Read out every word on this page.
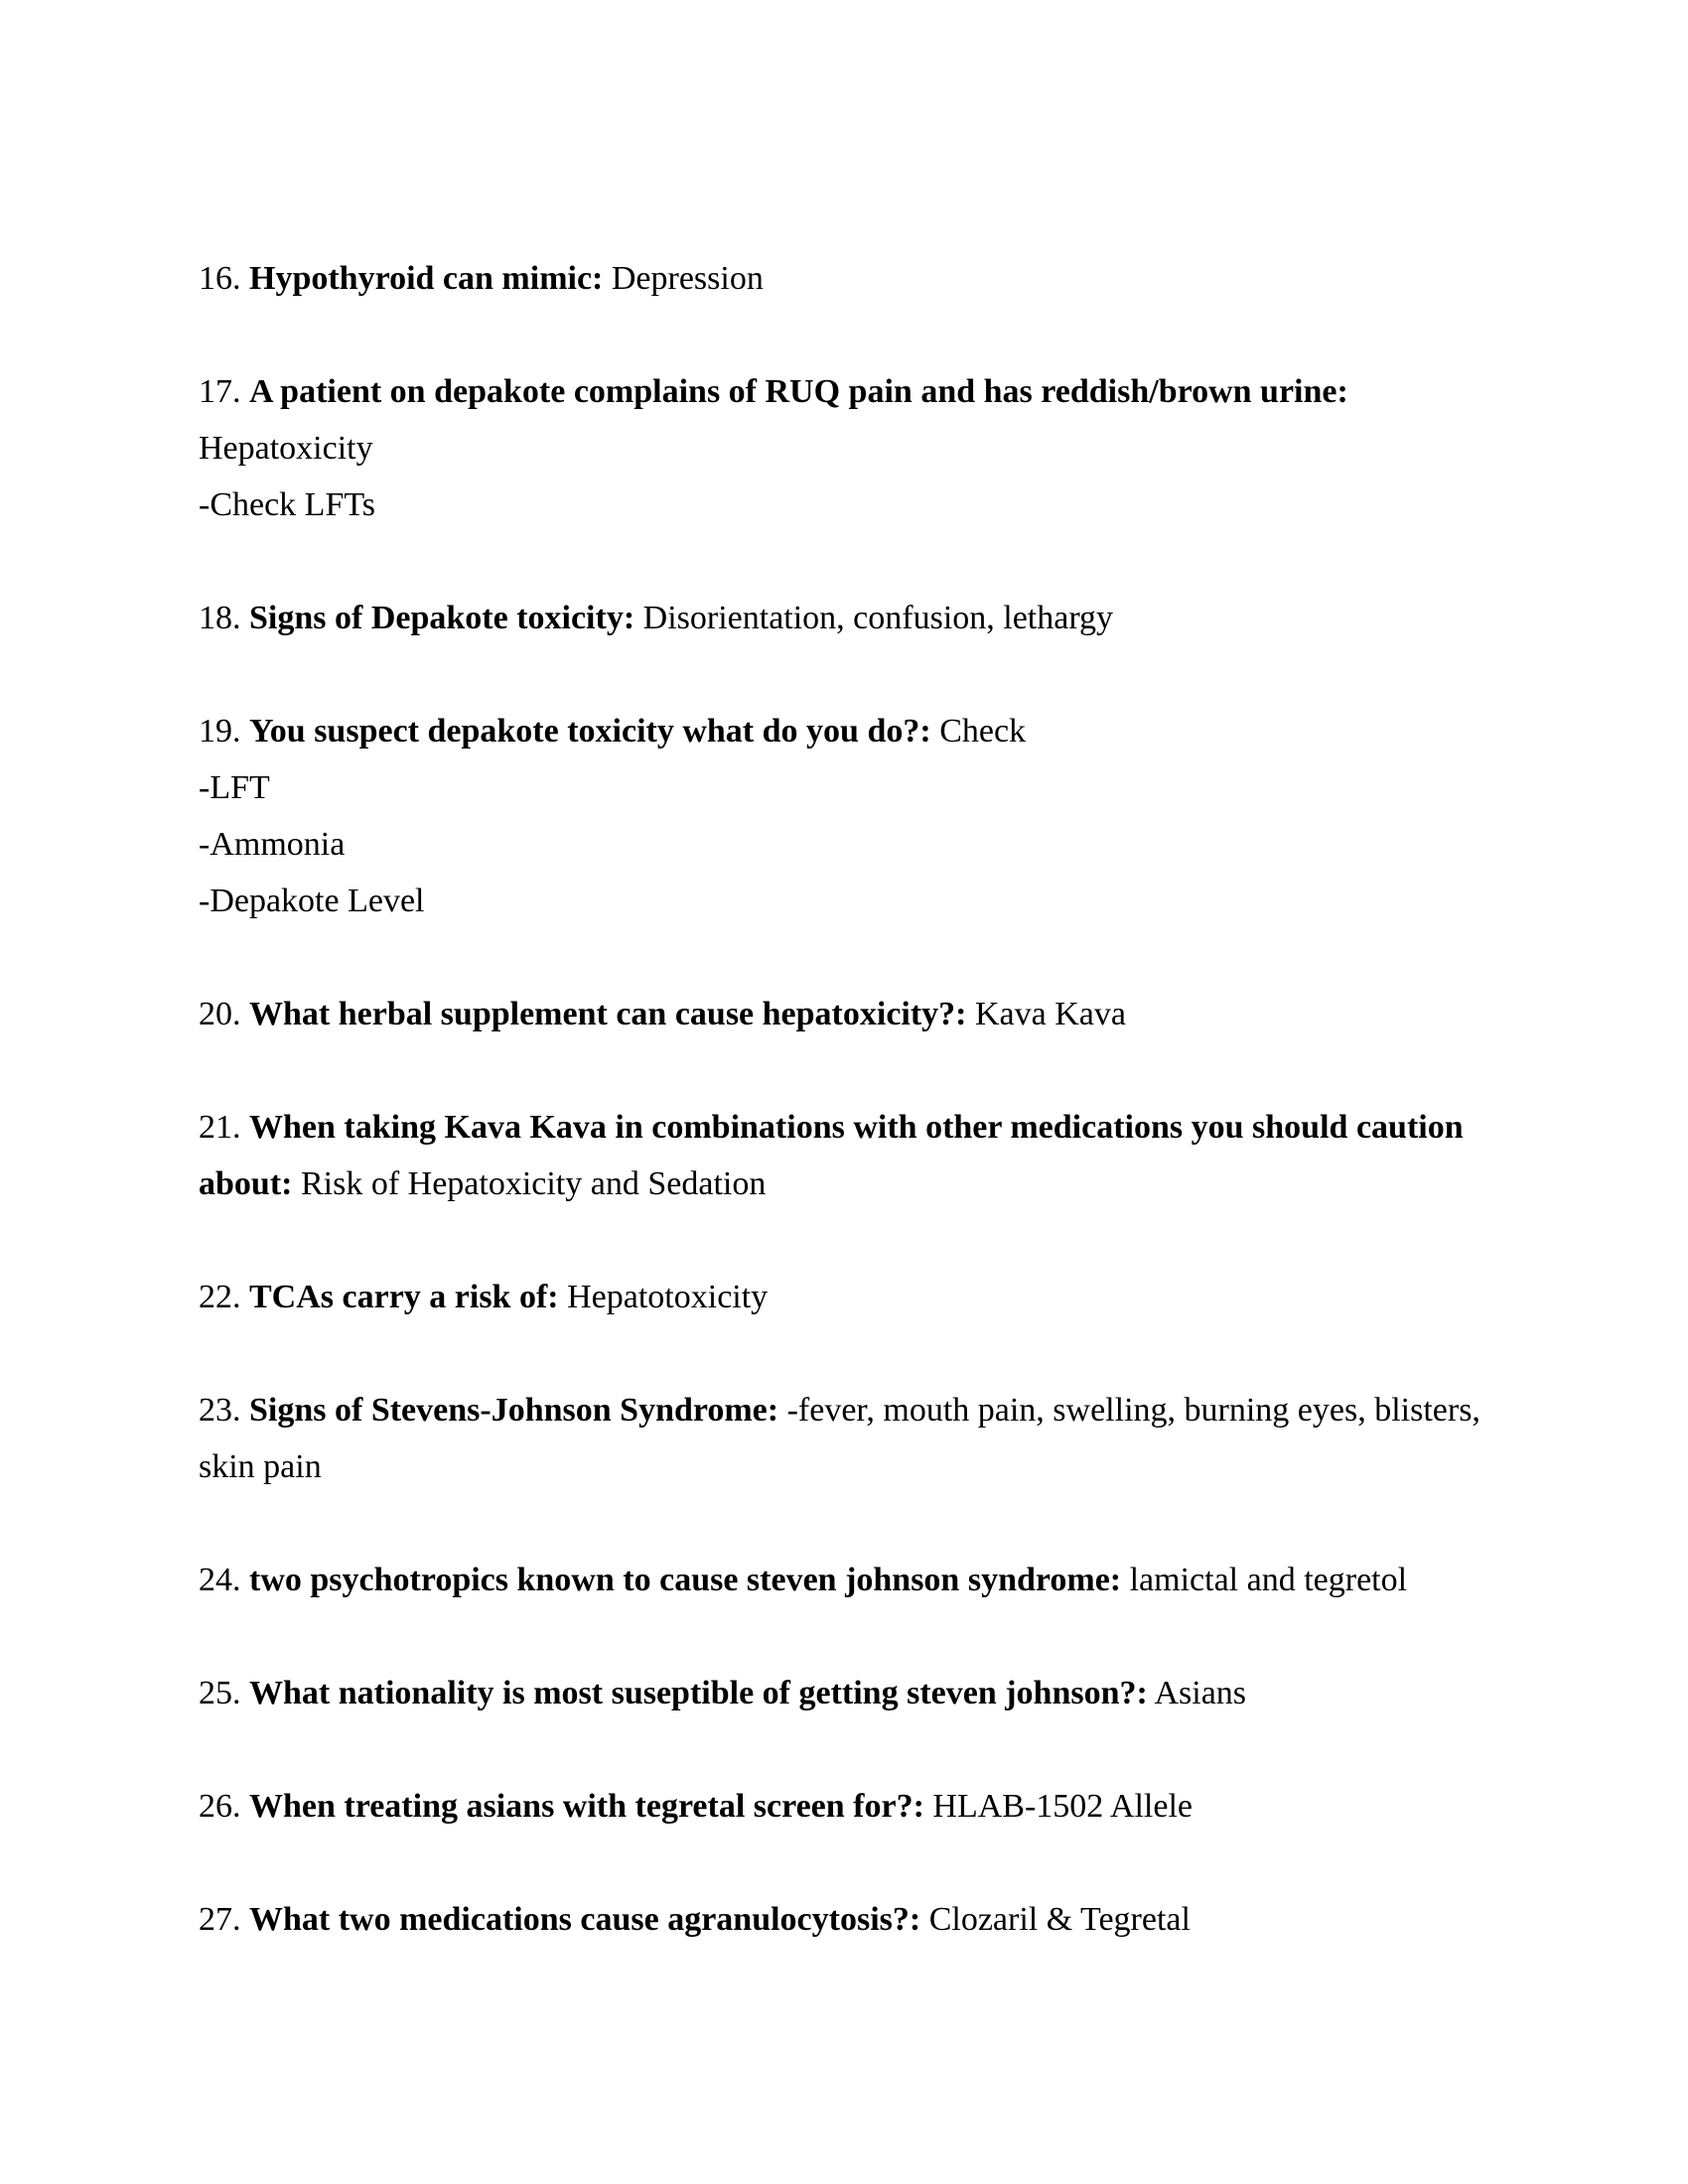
16. Hypothyroid can mimic: Depression
17. A patient on depakote complains of RUQ pain and has reddish/brown urine:
Hepatoxicity
-Check LFTs
18. Signs of Depakote toxicity: Disorientation, confusion, lethargy
19. You suspect depakote toxicity what do you do?: Check
-LFT
-Ammonia
-Depakote Level
20. What herbal supplement can cause hepatoxicity?: Kava Kava
21. When taking Kava Kava in combinations with other medications you should caution about: Risk of Hepatoxicity and Sedation
22. TCAs carry a risk of: Hepatotoxicity
23. Signs of Stevens-Johnson Syndrome: -fever, mouth pain, swelling, burning eyes, blisters, skin pain
24. two psychotropics known to cause steven johnson syndrome: lamictal and tegretol
25. What nationality is most suseptible of getting steven johnson?: Asians
26. When treating asians with tegretal screen for?: HLAB-1502 Allele
27. What two medications cause agranulocytosis?: Clozaril & Tegretal
